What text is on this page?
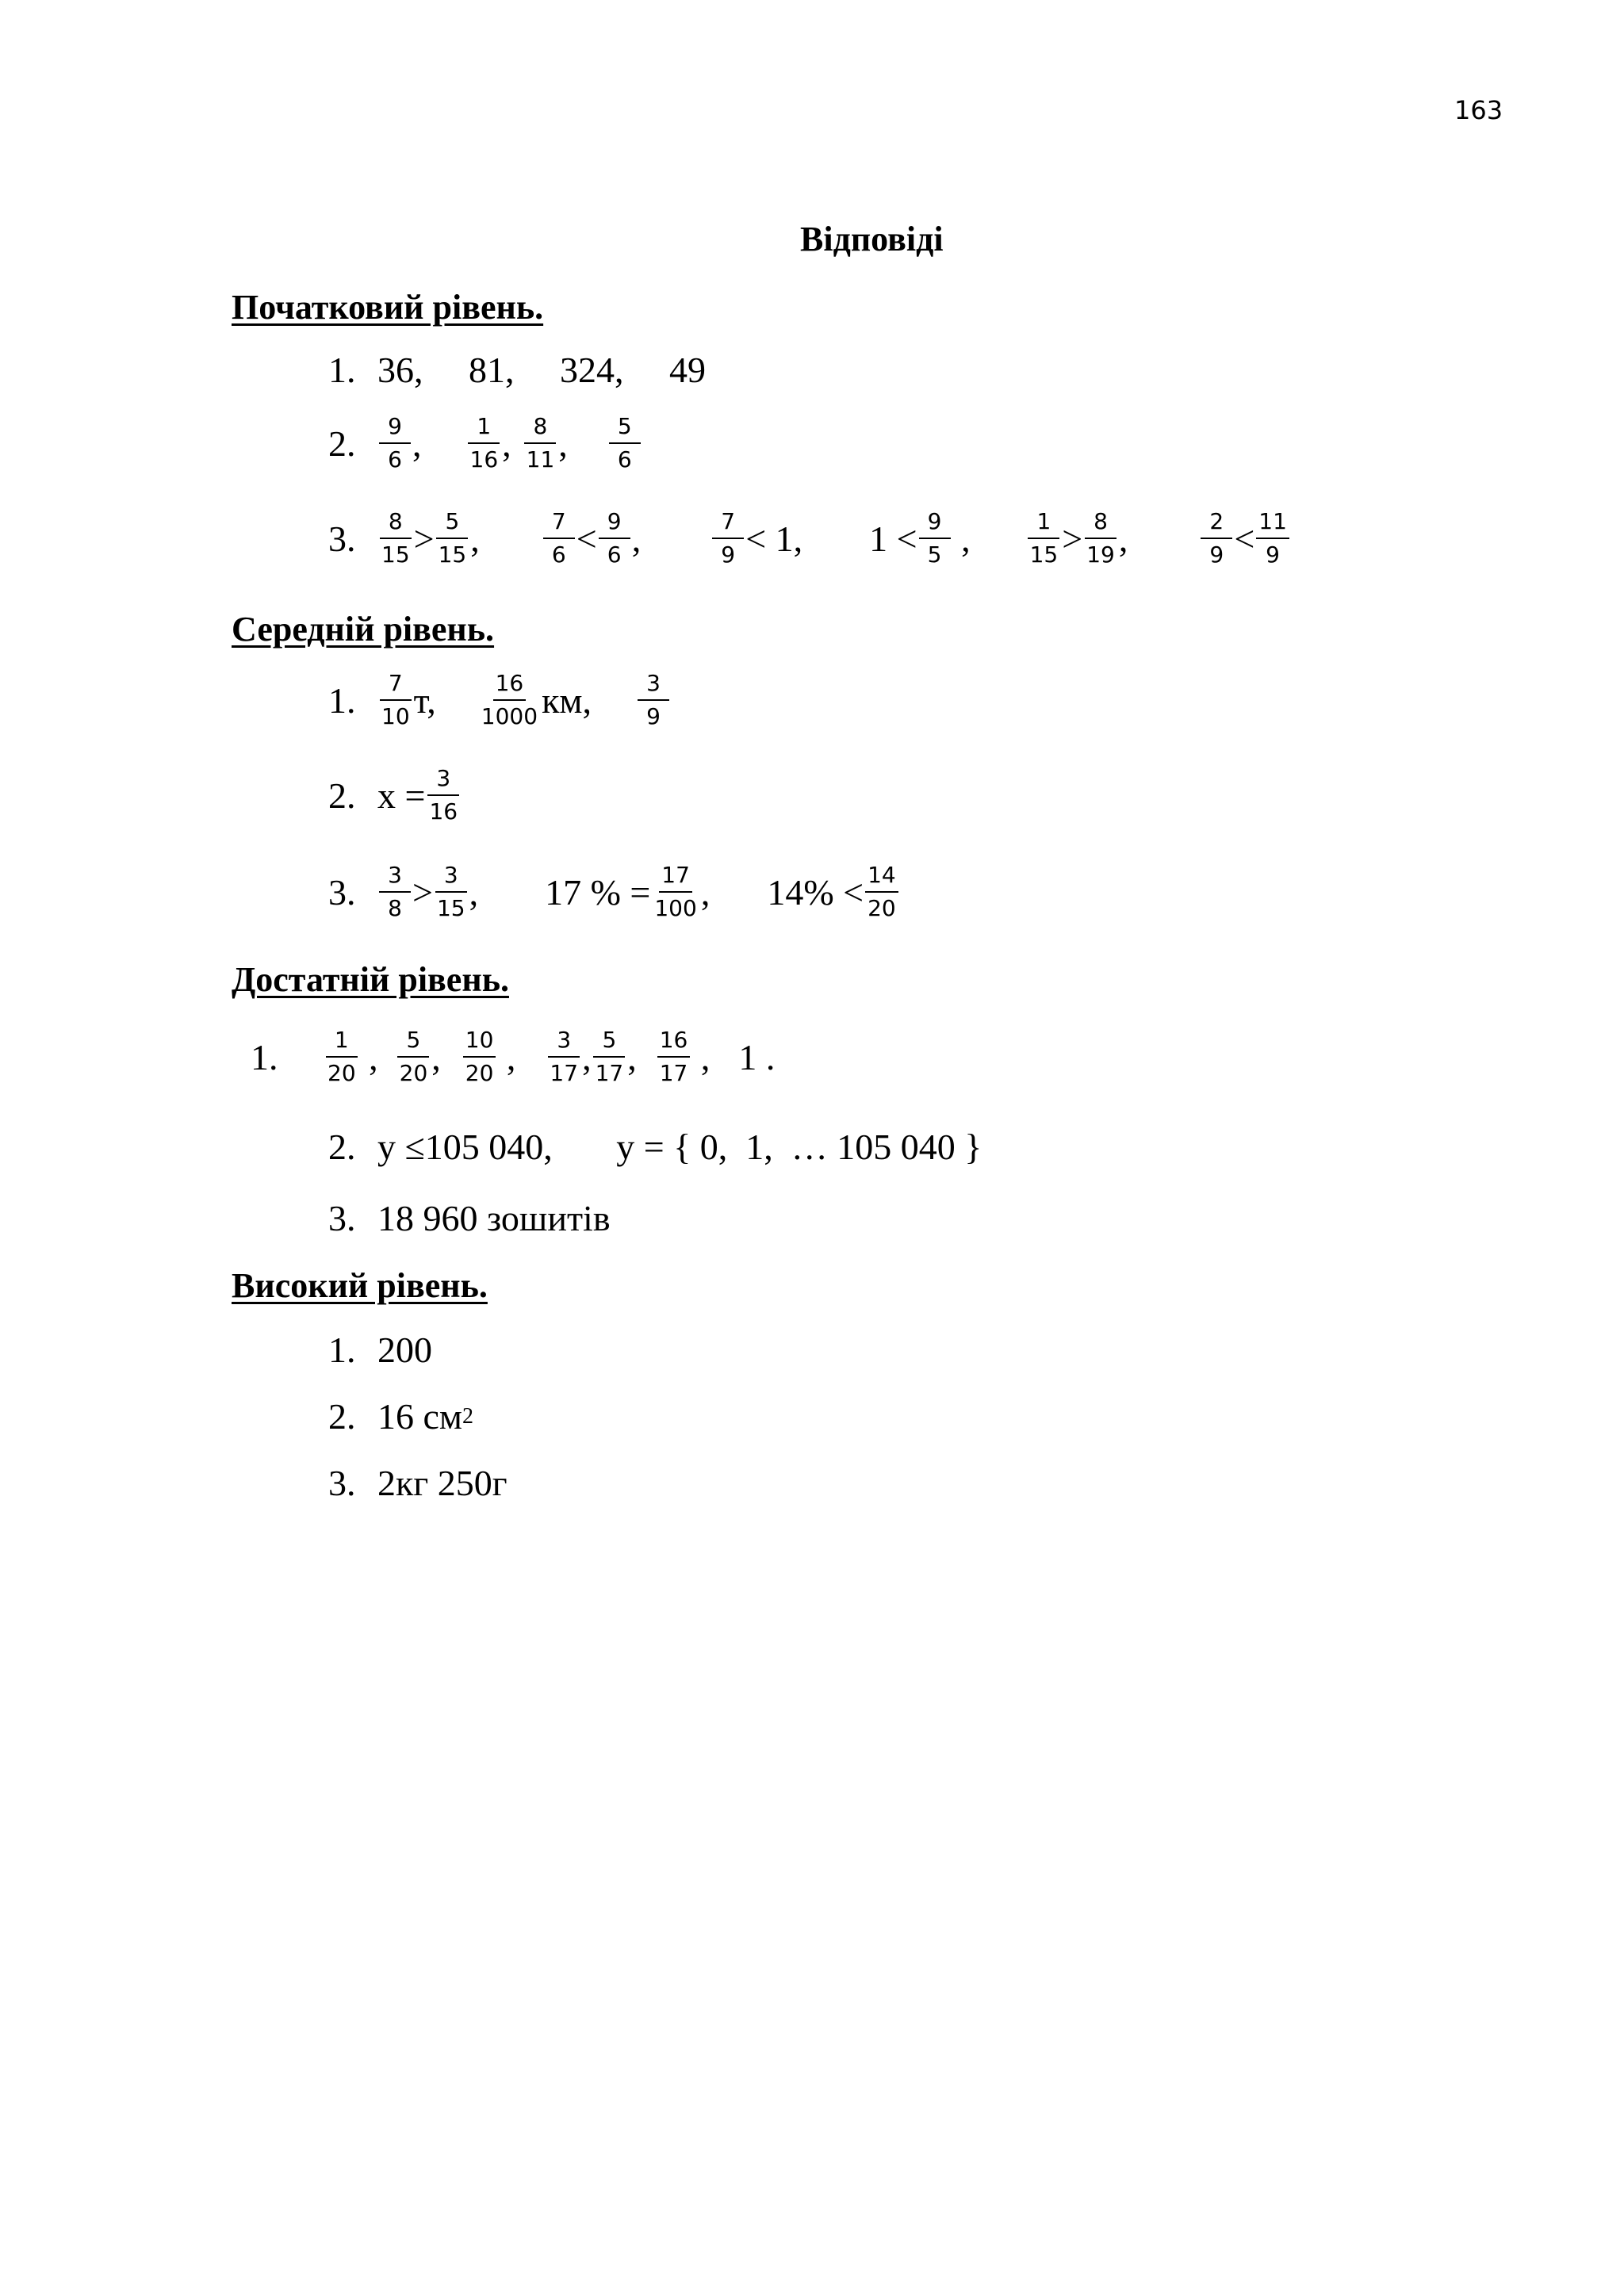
163
Відповіді
Початковий рівень.
1. 36,     81,     324,     49
2.	$\frac{9}{6}$ , $\frac{1}{16}$ , $\frac{8}{11}$ , $\frac{5}{6}$
3.	$\frac{8}{15} > \frac{5}{15}$ ,	$\frac{7}{6} < \frac{9}{6}$ ,	$\frac{7}{9} < 1$, $1 < \frac{9}{5}$ ,	$\frac{1}{15} > \frac{8}{19}$ ,	$\frac{2}{9} < \frac{11}{9}$
Середній рівень.
1.	$\frac{7}{10} т$, $\frac{16}{1000}$ км, $\frac{3}{9}$
2. $x = \frac{3}{16}$
3.	$\frac{3}{8} > \frac{3}{15}$ , 17 % = $\frac{17}{100}$ , $14\% < \frac{14}{20}$
Достатній рівень.
1.	$\frac{1}{20}$ , $\frac{5}{20}$ , $\frac{10}{20}$ , $\frac{3}{17}$ , $\frac{5}{17}$ , $\frac{16}{17}$ , 1 .
2. y ≤105 040,       y = { 0,  1,  … 105 040 }
3. 18 960 зошитів
Високий рівень.
1. 200
2. 16 см 2
3. 2кг 250г
